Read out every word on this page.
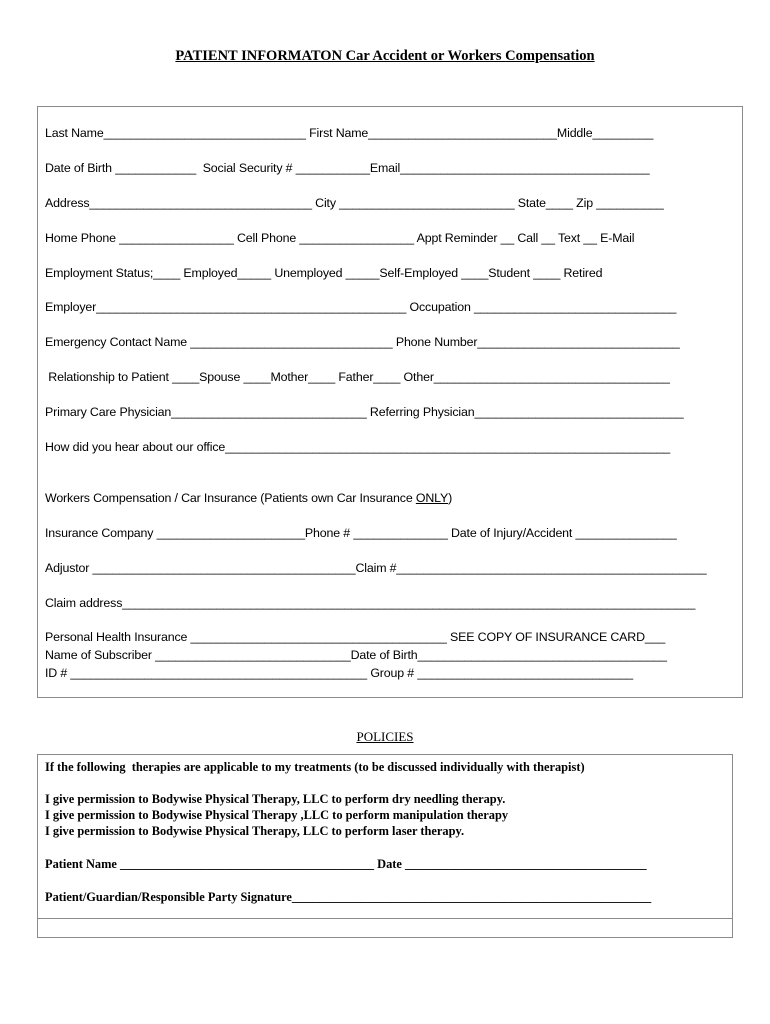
PATIENT INFORMATON Car Accident or Workers Compensation
Last Name______________________________ First Name____________________________Middle_________
Date of Birth ____________  Social Security # ___________Email_____________________________________
Address_________________________________ City __________________________ State____ Zip __________
Home Phone _________________ Cell Phone _________________ Appt Reminder __ Call __ Text __ E-Mail
Employment Status;____ Employed_____ Unemployed _____Self-Employed ____Student ____ Retired
Employer______________________________________________ Occupation ______________________________
Emergency Contact Name ______________________________ Phone Number______________________________
Relationship to Patient ____Spouse ____Mother____ Father____ Other___________________________________
Primary Care Physician_____________________________ Referring Physician_______________________________
How did you hear about our office__________________________________________________________________
Workers Compensation / Car Insurance (Patients own Car Insurance ONLY)
Insurance Company ______________________Phone # ______________ Date of Injury/Accident _______________
Adjustor _______________________________________Claim #______________________________________________
Claim address_____________________________________________________________________________________
Personal Health Insurance ______________________________________ SEE COPY OF INSURANCE CARD___
Name of Subscriber _____________________________Date of Birth_____________________________________
ID # ____________________________________________ Group # ________________________________
POLICIES
If the following  therapies are applicable to my treatments (to be discussed individually with therapist)
I give permission to Bodywise Physical Therapy, LLC to perform dry needling therapy.
I give permission to Bodywise Physical Therapy ,LLC to perform manipulation therapy
I give permission to Bodywise Physical Therapy, LLC to perform laser therapy.
Patient Name _________________________________________ Date _______________________________________
Patient/Guardian/Responsible Party Signature__________________________________________________________
